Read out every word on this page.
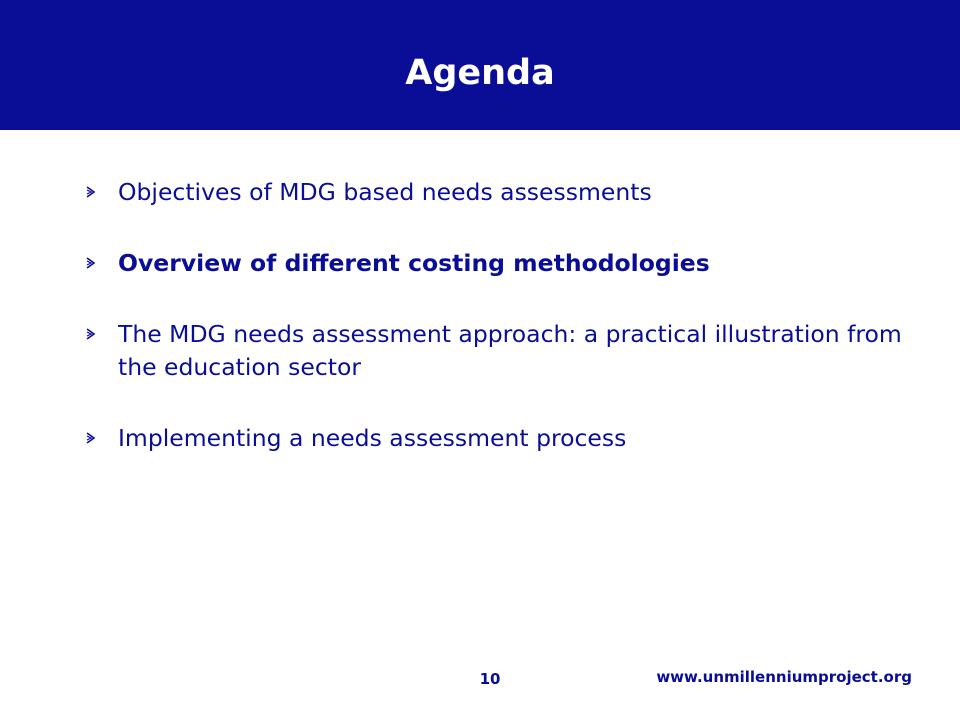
Agenda
Objectives of MDG based needs assessments
Overview of different costing methodologies
The MDG needs assessment approach: a practical illustration from the education sector
Implementing a needs assessment process
10	www.unmillenniumproject.org
